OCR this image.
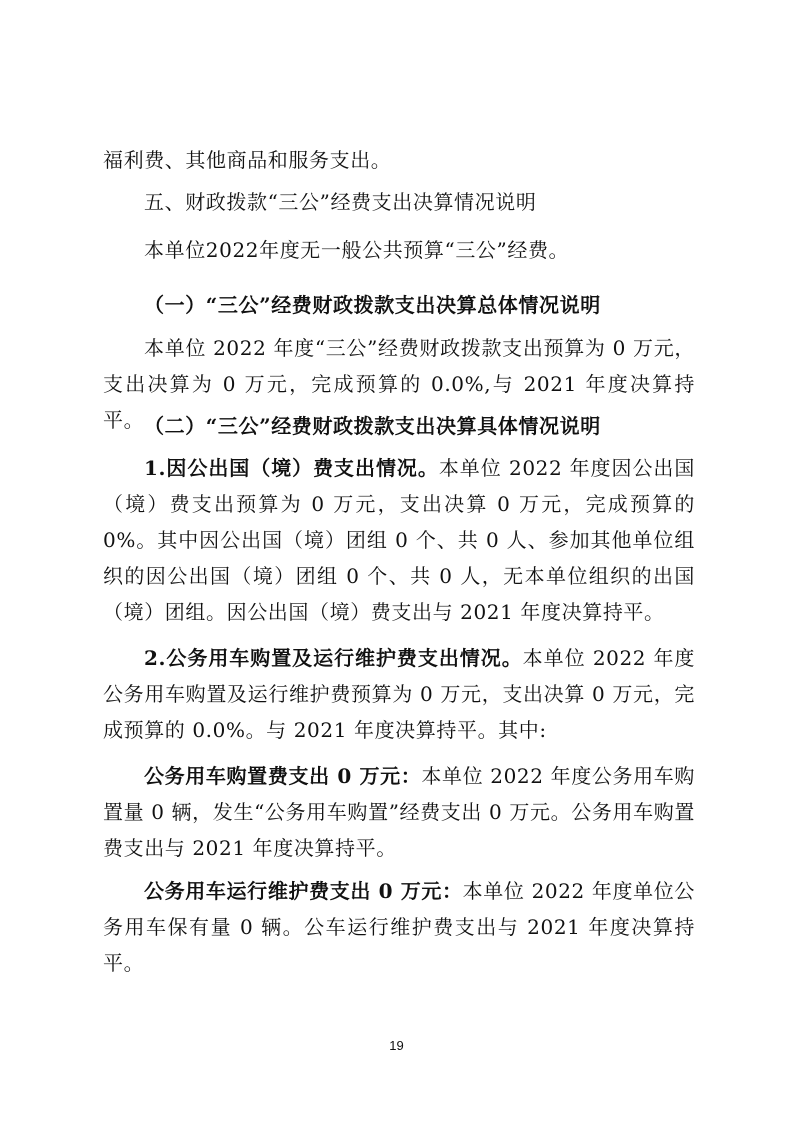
福利费、其他商品和服务支出。

五、财政拨款“三公”经费支出决算情况说明

本单位2022年度无一般公共预算“三公”经费。

（一）“三公”经费财政拨款支出决算总体情况说明

本单位 2022 年度“三公”经费财政拨款支出预算为 0 万元，支出决算为 0 万元，完成预算的 0.0%,与 2021 年度决算持平。 （二）“三公”经费财政拨款支出决算具体情况说明

1.因公出国（境）费支出情况。本单位 2022 年度因公出国（境）费支出预算为 0 万元，支出决算 0 万元，完成预算的 0%。其中因公出国（境）团组 0 个、共 0 人、参加其他单位组织的因公出国（境）团组 0 个、共 0 人，无本单位组织的出国（境）团组。因公出国（境）费支出与 2021 年度决算持平。

2.公务用车购置及运行维护费支出情况。本单位 2022 年度公务用车购置及运行维护费预算为 0 万元，支出决算 0 万元，完成预算的 0.0%。与 2021 年度决算持平。其中:

公务用车购置费支出 0 万元：本单位 2022 年度公务用车购置量 0 辆，发生“公务用车购置”经费支出 0 万元。公务用车购置费支出与 2021 年度决算持平。

公务用车运行维护费支出 0 万元：本单位 2022 年度单位公务用车保有量 0 辆。公车运行维护费支出与 2021 年度决算持平。

19
